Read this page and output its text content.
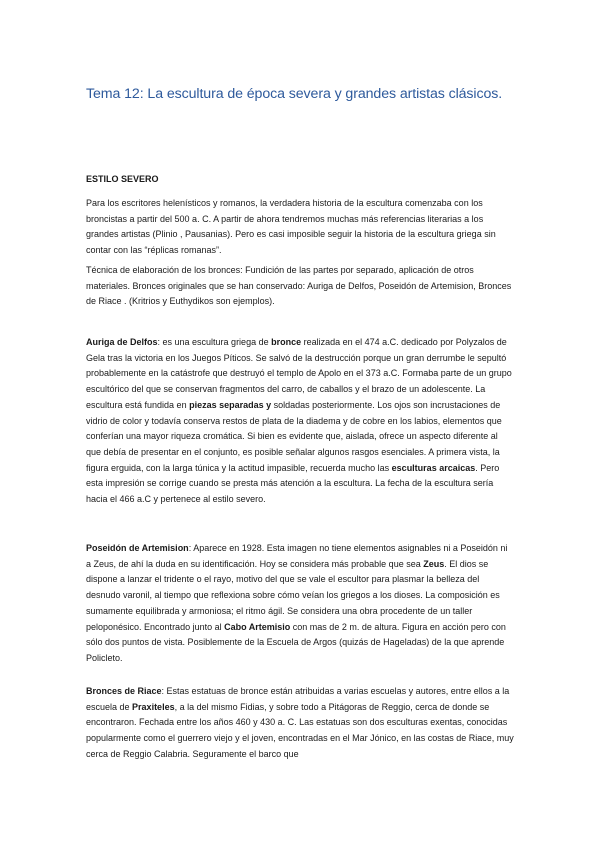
Tema 12: La escultura de época severa y grandes artistas clásicos.
ESTILO SEVERO
Para los escritores helenísticos y romanos, la verdadera historia de la escultura comenzaba con los broncistas a partir del 500 a. C. A partir de ahora tendremos muchas más referencias literarias a los grandes artistas (Plinio , Pausanias). Pero es casi imposible seguir la historia de la escultura griega sin contar con las “réplicas romanas”.
Técnica de elaboración de los bronces: Fundición de las partes por separado, aplicación de otros materiales. Bronces originales que se han conservado: Auriga de Delfos, Poseidón de Artemision, Bronces de Riace . (Kritrios y Euthydikos son ejemplos).
Auriga de Delfos: es una escultura griega de bronce realizada en el 474 a.C. dedicado por Polyzalos de Gela tras la victoria en los Juegos Píticos. Se salvó de la destrucción porque un gran derrumbe le sepultó probablemente en la catástrofe que destruyó el templo de Apolo en el 373 a.C. Formaba parte de un grupo escultórico del que se conservan fragmentos del carro, de caballos y el brazo de un adolescente. La escultura está fundida en piezas separadas y soldadas posteriormente. Los ojos son incrustaciones de vidrio de color y todavía conserva restos de plata de la diadema y de cobre en los labios, elementos que conferían una mayor riqueza cromática. Si bien es evidente que, aislada, ofrece un aspecto diferente al que debía de presentar en el conjunto, es posible señalar algunos rasgos esenciales. A primera vista, la figura erguida, con la larga túnica y la actitud impasible, recuerda mucho las esculturas arcaicas. Pero esta impresión se corrige cuando se presta más atención a la escultura. La fecha de la escultura sería hacia el 466 a.C y pertenece al estilo severo.
Poseidón de Artemision: Aparece en 1928. Esta imagen no tiene elementos asignables ni a Poseidón ni a Zeus, de ahí la duda en su identificación. Hoy se considera más probable que sea Zeus. El dios se dispone a lanzar el tridente o el rayo, motivo del que se vale el escultor para plasmar la belleza del desnudo varonil, al tiempo que reflexiona sobre cómo veían los griegos a los dioses. La composición es sumamente equilibrada y armoniosa; el ritmo ágil. Se considera una obra procedente de un taller peloponésico. Encontrado junto al Cabo Artemisio con mas de 2 m. de altura. Figura en acción pero con sólo dos puntos de vista. Posiblemente de la Escuela de Argos (quizás de Hageladas) de la que aprende Policleto.
Bronces de Riace: Estas estatuas de bronce están atribuidas a varias escuelas y autores, entre ellos a la escuela de Praxiteles, a la del mismo Fidias, y sobre todo a Pitágoras de Reggio, cerca de donde se encontraron. Fechada entre los años 460 y 430 a. C. Las estatuas son dos esculturas exentas, conocidas popularmente como el guerrero viejo y el joven, encontradas en el Mar Jónico, en las costas de Riace, muy cerca de Reggio Calabria. Seguramente el barco que
